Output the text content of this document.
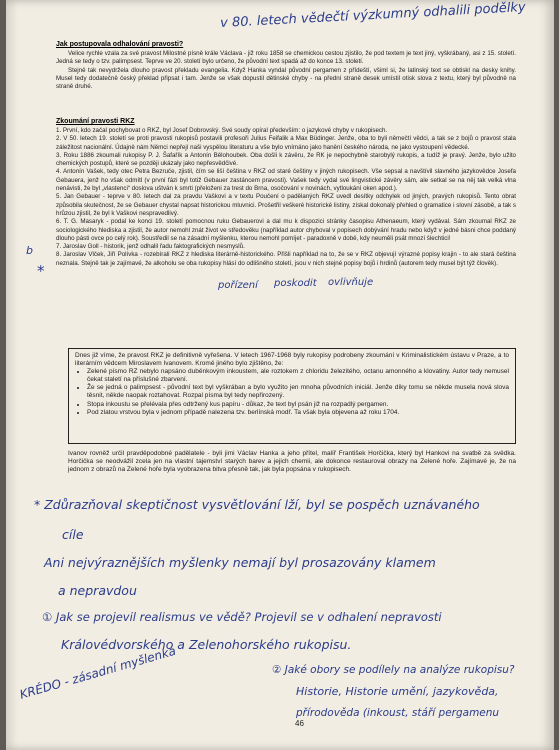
v 80. letech vědečtí výzkumný odhalili podělky
Jak postupovala odhalování pravosti?

Velice rychle vzala za své pravost Milostné písně krále Václava - již roku 1858 se chemickou cestou zjistilo, že pod textem je text jiný, vyškrábaný, asi z 15. století. Jedná se tedy o tzv. palimpsest. Teprve ve 20. století bylo určeno, že původní text spadá až do konce 13. století.

Stejně tak nevydržela dlouho pravost překladu evangelia. Když Hanka vyndal původní pergamen z přídeští, všiml si, že latinský text se obtiskl na desky knihy. Musel tedy dodatečně český překlad připsat i tam. Jenže se však dopustil dětinské chyby - na přední straně desek umístil otisk slova z textu, který byl původně na straně druhé.

Zkoumání pravosti RKZ

1. První, kdo začal pochybovat o RKZ, byl Josef Dobrovský. Své soudy opíral především: o jazykové chyby v rukopisech.

2. V 50. letech 19. století se proti pravosti rukopisů postavili profesoři Julius Feifalik a Max Büdinger. Jenže, oba to byli němečtí vědci, a tak se z bojů o pravost stala záležitost nacionální. Údajně nám Němci nepřejí naši vyspělou literaturu a vše bylo vnímáno jako hanění českého národa, ne jako vystoupení vědecké.

3. Roku 1886 zkoumali rukopisy P. J. Šafařík a Antonín Bělohoubek. Oba došli k závěru, že RK je nepochybně starobylý rukopis, a tudíž je pravý. Jenže, bylo užito chemických postupů, které se později ukázaly jako nepřesvědčivé.

4. Antonín Vašek, tedy otec Petra Bezruče, zjistil, čím se liší čeština v RKZ od staré češtiny v jiných rukopisech. Vše sepsal a navštívil slavného jazykovědce Josefa Gebauera, jenž ho však odmítl (v první fázi byl totiž Gebauer zastáncem pravosti). Vašek tedy vydal své lingvistické závěry sám, ale setkal se na něj tak velká vlna nenávisti, že byl „vlastenci“ doslova uštván k smrti (přeloženi za trest do Brna, osočování v novinách, vytloukání oken apod.).

5. Jan Gebauer - teprve v 80. letech dal za pravdu Vaškovi a v textu Poučení o padělaných RKZ uvedl desítky odchylek od jiných, pravých rukopisů. Tento obrat způsobila skutečnost, že se Gebauer chystal napsat historickou mluvnici. Prošetřil veškeré historické listiny, získal dokonalý přehled o gramatice i slovní zásobě, a tak s hrůzou zjistil, že byl k Vaškovi nespravedlivý.

6. T. G. Masaryk - podal ke konci 19. století pomocnou ruku Gebauerovi a dal mu k dispozici stránky časopisu Athenaeum, který vydával. Sám zkoumal RKZ ze sociologického hlediska a zjistil, že autor nemohl znát život ve středověku (například autor chyboval v popisech dobývání hradu nebo když v jedné básni chce poddaný dlouho pásti ovce po celý rok). Soustředil se na zásadní myšlenku, kterou nemohl pomíjet - paradoxně v době, kdy neuměli psát mnozí šlechtici!

7. Jaroslav Goll - historik, jenž odhalil řadu faktografických nesmyslů.

8. Jaroslav Vlček, Jiří Polívka - rozebírali RKZ z hlediska literárně-historického. Přišli například na to, že se v RKZ objevují výrazné popisy krajin - to ale stará čeština neznala. Stejně tak je zajímavé, že alkoholu se oba rukopisy hlásí do odlišného století, jsou v nich stejné popisy bojů i hrdinů (autorem tedy musel být týž člověk).

*
b
pořízení poskodit ovlivňuje

Dnes již víme, že pravost RKZ je definitivně vyřešena. V letech 1967-1968 byly rukopisy podrobeny zkoumání v Kriminalistickém ústavu v Praze, a to literárním vědcem Miroslavem Ivanovem. Kromě jiného bylo zjištěno, že:

• Zelené písmo RZ nebylo napsáno duběnkovým inkoustem, ale roztokem z chloridu železitého, octanu amonného a klovatiny. Autor tedy nemusel čekat staletí na příslušné zbarvení.
• Že se jedná o palimpsest - původní text byl vyškrában a bylo využito jen mnoha původních iniciál. Jenže díky tomu se někde musela nová slova těsnit, někde naopak roztahovat. Rozpal písma byl tedy nepřirozený.
• Stopa inkoustu se přelévala přes odtržený kus papíru - důkaz, že text byl psán již na rozpadlý pergamen.
• Pod zlatou vrstvou byla v jednom případě nalezena tzv. berlínská modř. Ta však byla objevena až roku 1704.
Ivanov rovněž určil pravděpodobné padělatele - byli jimi Václav Hanka a jeho přítel, malíř František Horčička, který byl Hankovi na svatbě za svědka. Horčička se neodvážil zcela jen na vlastní tajemství starých barev a jejich chemii, ale dokonce restauroval obrazy na Zelené hoře. Zajímavé je, že na jednom z obrazů na Zelené hoře byla vyobrazena bitva přesně tak, jak byla popsána v rukopisech.
* Zdůrazňoval skeptičnost vysvětlování lží, byl se pospěch uznávaného
cíle
Ani nejvýraznějších myšlenky nemají byl prosazovány klamem
a nepravdou
① Jak se projevil realismus ve vědě? Projevil se v odhalení nepravosti
Královédvorského a Zelenohorského rukopisu.
② Jaké obory se podílely na analýze rukopisu?
Historie, Historie umění, jazykověda,
přírodověda (inkoust, stáří pergamenu
KRÉDO - zásadní myšlenka
46
